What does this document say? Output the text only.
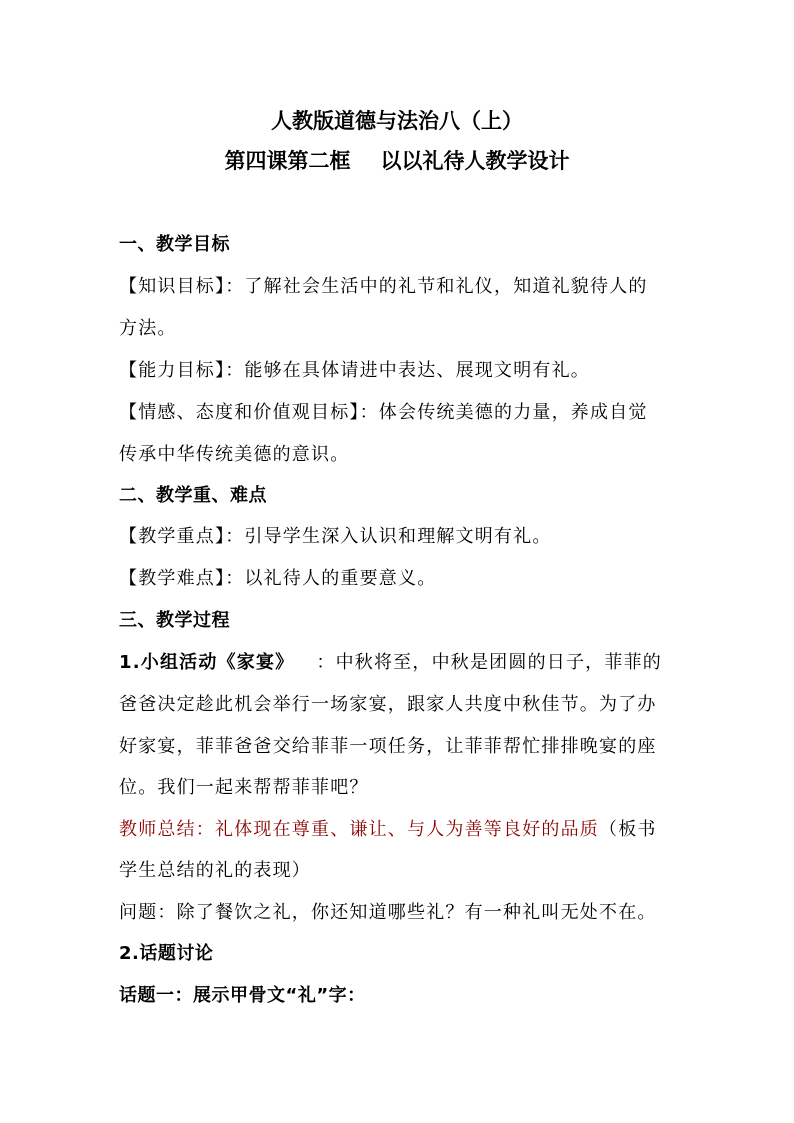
人教版道德与法治八（上）
第四课第二框 以以礼待人教学设计
一、教学目标
【知识目标】：了解社会生活中的礼节和礼仪，知道礼貌待人的
方法。
【能力目标】：能够在具体请进中表达、展现文明有礼。
【情感、态度和价值观目标】：体会传统美德的力量，养成自觉
传承中华传统美德的意识。
二、教学重、难点
【教学重点】：引导学生深入认识和理解文明有礼。
【教学难点】：以礼待人的重要意义。
三、教学过程
1.小组活动《家宴》 ：中秋将至，中秋是团圆的日子，菲菲的
爸爸决定趁此机会举行一场家宴，跟家人共度中秋佳节。为了办
好家宴，菲菲爸爸交给菲菲一项任务，让菲菲帮忙排排晚宴的座
位。我们一起来帮帮菲菲吧？
教师总结：礼体现在尊重、谦让、与人为善等良好的品质（板书
学生总结的礼的表现）
问题：除了餐饮之礼，你还知道哪些礼？有一种礼叫无处不在。
2.话题讨论
话题一：展示甲骨文“礼”字：
